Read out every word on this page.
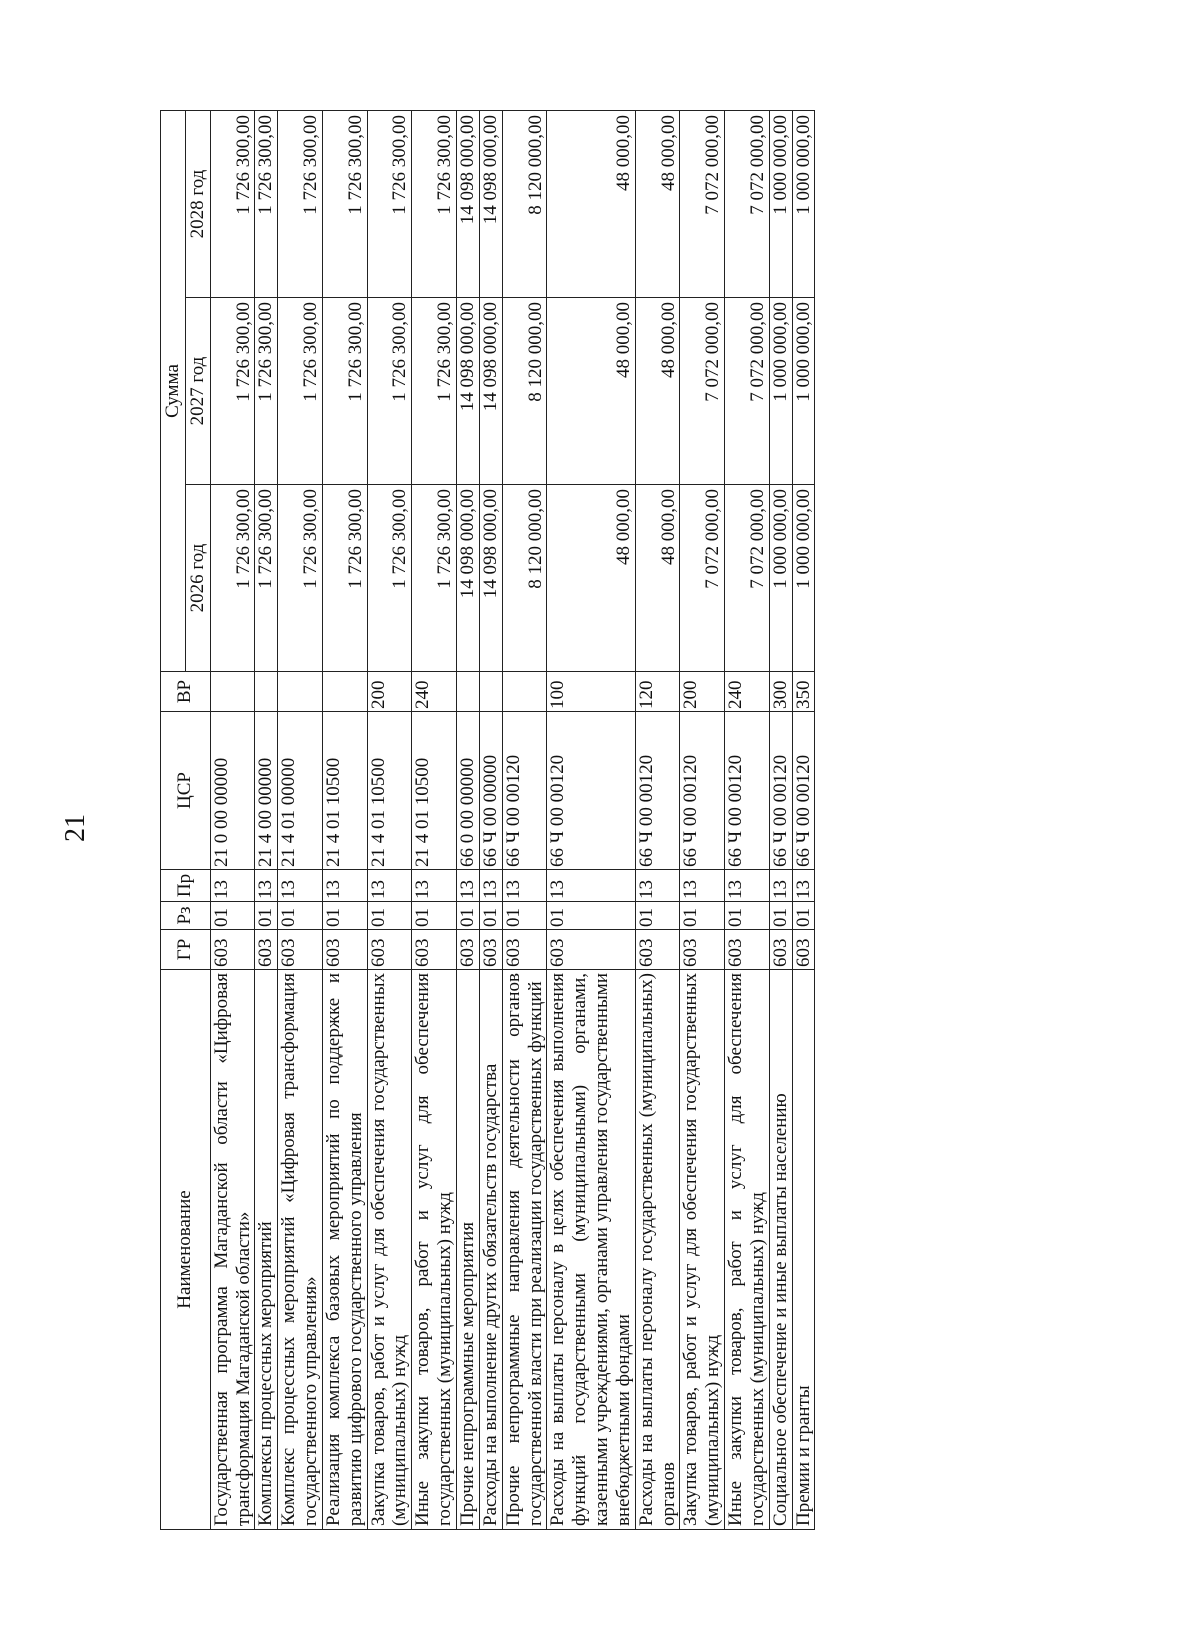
21
Наименование	ГР	Рз	Пр	ЦСР	ВР	Сумма		
						2026 год	2027 год	2028 год
Государственная программа Магаданской области «Цифровая трансформация Магаданской области»	603	01	13	21 0 00 00000		1 726 300,00	1 726 300,00	1 726 300,00
Комплексы процессных мероприятий	603	01	13	21 4 00 00000		1 726 300,00	1 726 300,00	1 726 300,00
Комплекс процессных мероприятий «Цифровая трансформация государственного управления»	603	01	13	21 4 01 00000		1 726 300,00	1 726 300,00	1 726 300,00
Реализация комплекса базовых мероприятий по поддержке и развитию цифрового государственного управления	603	01	13	21 4 01 10500		1 726 300,00	1 726 300,00	1 726 300,00
Закупка товаров, работ и услуг для обеспечения государственных (муниципальных) нужд	603	01	13	21 4 01 10500	200	1 726 300,00	1 726 300,00	1 726 300,00
Иные закупки товаров, работ и услуг для обеспечения государственных (муниципальных) нужд	603	01	13	21 4 01 10500	240	1 726 300,00	1 726 300,00	1 726 300,00
Прочие непрограммные мероприятия	603	01	13	66 0 00 00000		14 098 000,00	14 098 000,00	14 098 000,00
Расходы на выполнение других обязательств государства	603	01	13	66 Ч 00 00000		14 098 000,00	14 098 000,00	14 098 000,00
Прочие непрограммные направления деятельности органов государственной власти при реализации государственных функций	603	01	13	66 Ч 00 00120		8 120 000,00	8 120 000,00	8 120 000,00
Расходы на выплаты персоналу в целях обеспечения выполнения функций государственными (муниципальными) органами, казенными учреждениями, органами управления государственными внебюджетными фондами	603	01	13	66 Ч 00 00120	100	48 000,00	48 000,00	48 000,00
Расходы на выплаты персоналу государственных (муниципальных) органов	603	01	13	66 Ч 00 00120	120	48 000,00	48 000,00	48 000,00
Закупка товаров, работ и услуг для обеспечения государственных (муниципальных) нужд	603	01	13	66 Ч 00 00120	200	7 072 000,00	7 072 000,00	7 072 000,00
Иные закупки товаров, работ и услуг для обеспечения государственных (муниципальных) нужд	603	01	13	66 Ч 00 00120	240	7 072 000,00	7 072 000,00	7 072 000,00
Социальное обеспечение и иные выплаты населению	603	01	13	66 Ч 00 00120	300	1 000 000,00	1 000 000,00	1 000 000,00
Премии и гранты	603	01	13	66 Ч 00 00120	350	1 000 000,00	1 000 000,00	1 000 000,00
